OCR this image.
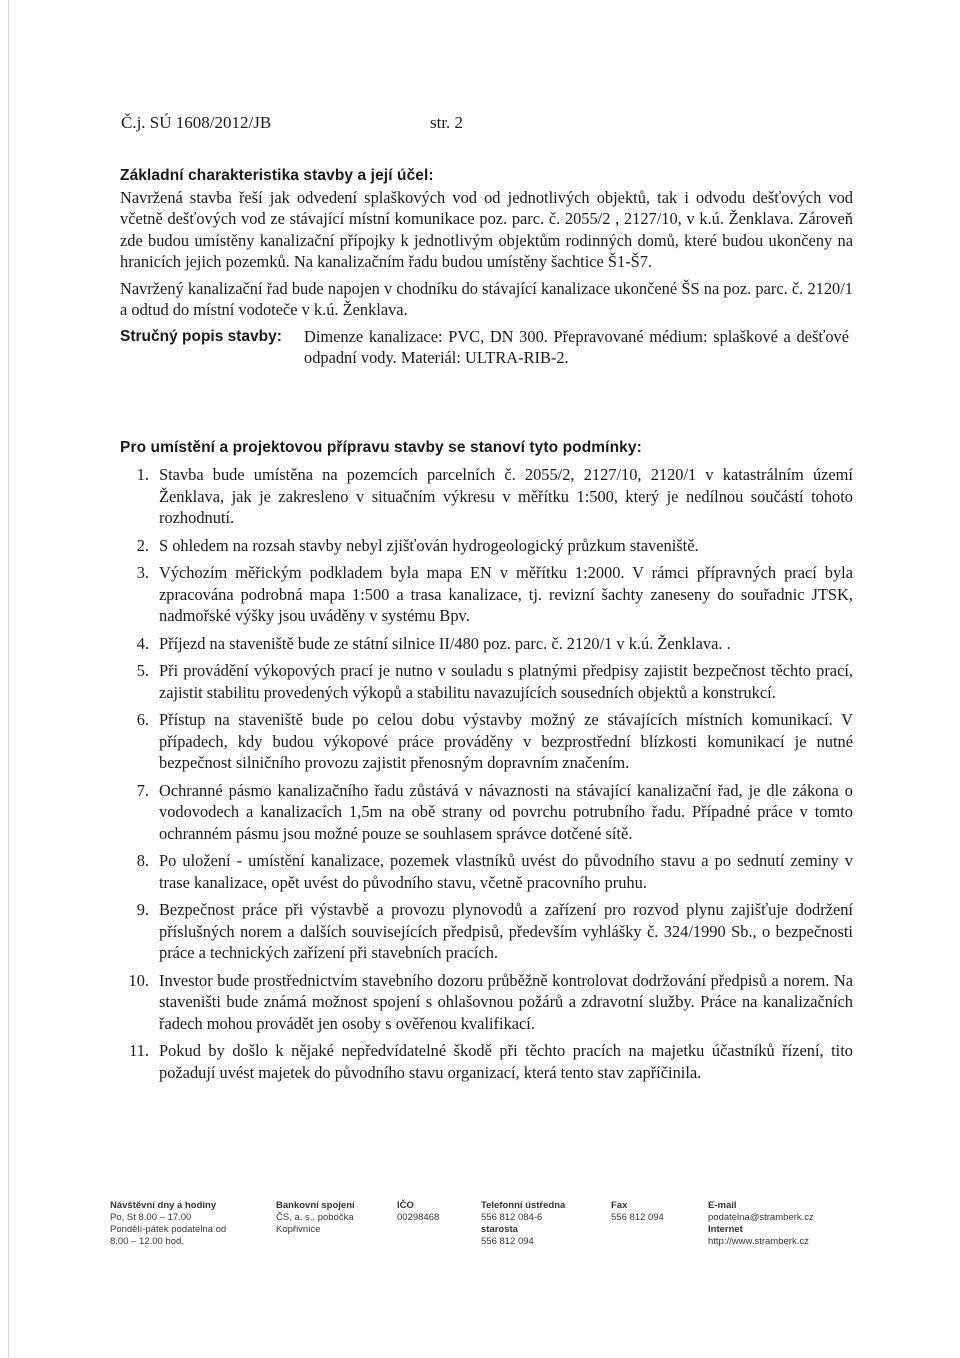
Č.j. SÚ 1608/2012/JB	str. 2
Základní charakteristika stavby a její účel:

Navržená stavba řeší jak odvedení splaškových vod od jednotlivých objektů, tak i odvodu dešťových vod včetně dešťových vod ze stávající místní komunikace poz. parc. č. 2055/2 , 2127/10, v k.ú. Ženklava. Zároveň zde budou umístěny kanalizační přípojky k jednotlivým objektům rodinných domů, které budou ukončeny na hranicích jejich pozemků. Na kanalizačním řadu budou umístěny šachtice Š1-Š7.

Navržený kanalizační řad bude napojen v chodníku do stávající kanalizace ukončené ŠS na poz. parc. č. 2120/1 a odtud do místní vodoteče v k.ú. Ženklava.

Stručný popis stavby:	Dimenze kanalizace: PVC, DN 300. Přepravované médium: splaškové a dešťové odpadní vody. Materiál: ULTRA-RIB-2.
Pro umístění a projektovou přípravu stavby se stanoví tyto podmínky:
1. Stavba bude umístěna na pozemcích parcelních č. 2055/2, 2127/10, 2120/1 v katastrálním území Ženklava, jak je zakresleno v situačním výkresu v měřítku 1:500, který je nedílnou součástí tohoto rozhodnutí.
2. S ohledem na rozsah stavby nebyl zjišťován hydrogeologický průzkum staveniště.
3. Výchozím měřickým podkladem byla mapa EN v měřítku 1:2000. V rámci přípravných prací byla zpracována podrobná mapa 1:500 a trasa kanalizace, tj. revizní šachty zaneseny do souřadnic JTSK, nadmořské výšky jsou uváděny v systému Bpv.
4. Příjezd na staveniště bude ze státní silnice II/480 poz. parc. č. 2120/1 v k.ú. Ženklava. .
5. Při provádění výkopových prací je nutno v souladu s platnými předpisy zajistit bezpečnost těchto prací, zajistit stabilitu provedených výkopů a stabilitu navazujících sousedních objektů a konstrukcí.
6. Přístup na staveniště bude po celou dobu výstavby možný ze stávajících místních komunikací. V případech, kdy budou výkopové práce prováděny v bezprostřední blízkosti komunikací je nutné bezpečnost silničního provozu zajistit přenosným dopravním značením.
7. Ochranné pásmo kanalizačního řadu zůstává v návaznosti na stávající kanalizační řad, je dle zákona o vodovodech a kanalizacích 1,5m na obě strany od povrchu potrubního řadu. Případné práce v tomto ochranném pásmu jsou možné pouze se souhlasem správce dotčené sítě.
8. Po uložení - umístění kanalizace, pozemek vlastníků uvést do původního stavu a po sednutí zeminy v trase kanalizace, opět uvést do původního stavu, včetně pracovního pruhu.
9. Bezpečnost práce při výstavbě a provozu plynovodů a zařízení pro rozvod plynu zajišťuje dodržení příslušných norem a dalších souvisejících předpisů, především vyhlášky č. 324/1990 Sb., o bezpečnosti práce a technických zařízení při stavebních pracích.
10. Investor bude prostřednictvím stavebního dozoru průběžně kontrolovat dodržování předpisů a norem. Na staveništi bude známá možnost spojení s ohlašovnou požárů a zdravotní služby. Práce na kanalizačních řadech mohou provádět jen osoby s ověřenou kvalifikací.
11. Pokud by došlo k nějaké nepředvídatelné škodě při těchto pracích na majetku účastníků řízení, tito požadují uvést majetek do původního stavu organizací, která tento stav zapříčinila.
Návštěvní dny a hodiny
Po, St 8.00 – 17.00
Pondělí-pátek podatelna od
8.00 – 12.00 hod.
Bankovní spojení
ČS, a. s., pobočka
Kopřivnice
IČO
00298468
Telefonní ústředna
556 812 084-6
starosta
556 812 094
Fax
556 812 094
E-mail
podatelna@stramberk.cz
Internet
http://www.stramberk.cz
